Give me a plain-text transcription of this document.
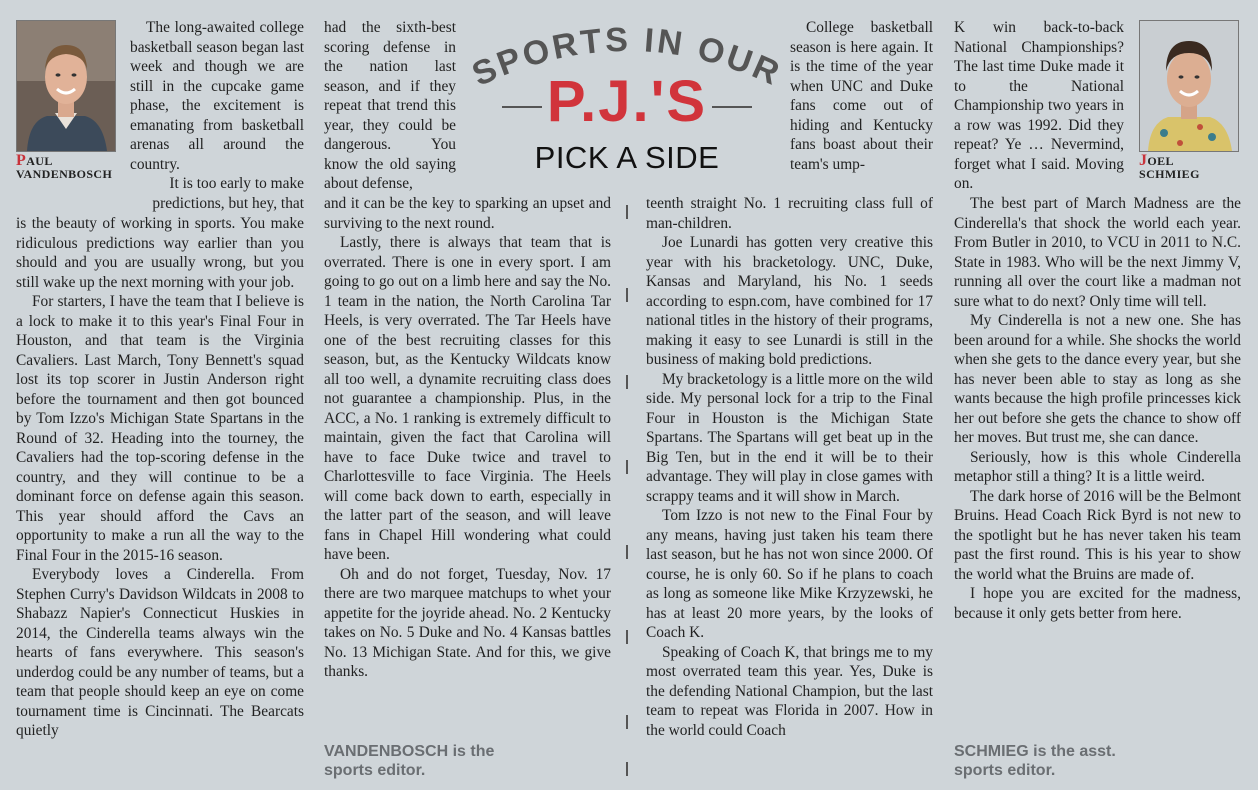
PAUL
VANDENBOSCH

The long-awaited college basketball season began last week and though we are still in the cupcake game phase, the excitement is emanating from basketball arenas all around the country.

It is too early to make predictions, but hey, that

is the beauty of working in sports. You make ridiculous predictions way earlier than you should and you are usually wrong, but you still wake up the next morning with your job.

For starters, I have the team that I believe is a lock to make it to this year's Final Four in Houston, and that team is the Virginia Cavaliers. Last March, Tony Bennett's squad lost its top scorer in Justin Anderson right before the tournament and then got bounced by Tom Izzo's Michigan State Spartans in the Round of 32. Heading into the tourney, the Cavaliers had the top-scoring defense in the country, and they will continue to be a dominant force on defense again this season. This year should afford the Cavs an opportunity to make a run all the way to the Final Four in the 2015-16 season.

Everybody loves a Cinderella. From Stephen Curry's Davidson Wildcats in 2008 to Shabazz Napier's Connecticut Huskies in 2014, the Cinderella teams always win the hearts of fans everywhere. This season's underdog could be any number of teams, but a team that people should keep an eye on come tournament time is Cincinnati. The Bearcats quietly

had the sixth-best scoring defense in the nation last season, and if they repeat that trend this year, they could be dangerous. You know the old saying about defense,

and it can be the key to sparking an upset and surviving to the next round.

Lastly, there is always that team that is overrated. There is one in every sport. I am going to go out on a limb here and say the No. 1 team in the nation, the North Carolina Tar Heels, is very overrated. The Tar Heels have one of the best recruiting classes for this season, but, as the Kentucky Wildcats know all too well, a dynamite recruiting class does not guarantee a championship. Plus, in the ACC, a No. 1 ranking is extremely difficult to maintain, given the fact that Carolina will have to face Duke twice and travel to Charlottesville to face Virginia. The Heels will come back down to earth, especially in the latter part of the season, and will leave fans in Chapel Hill wondering what could have been.

Oh and do not forget, Tuesday, Nov. 17 there are two marquee matchups to whet your appetite for the joyride ahead. No. 2 Kentucky takes on No. 5 Duke and No. 4 Kansas battles No. 13 Michigan State. And for this, we give thanks.

VANDENBOSCH is the sports editor.
SPORTS IN OUR
P.J.'S
PICK A SIDE

College basketball season is here again. It is the time of the year when UNC and Duke fans come out of hiding and Kentucky fans boast about their team's ump-

teenth straight No. 1 recruiting class full of man-children.

Joe Lunardi has gotten very creative this year with his bracketology. UNC, Duke, Kansas and Maryland, his No. 1 seeds according to espn.com, have combined for 17 national titles in the history of their programs, making it easy to see Lunardi is still in the business of making bold predictions.

My bracketology is a little more on the wild side. My personal lock for a trip to the Final Four in Houston is the Michigan State Spartans. The Spartans will get beat up in the Big Ten, but in the end it will be to their advantage. They will play in close games with scrappy teams and it will show in March.

Tom Izzo is not new to the Final Four by any means, having just taken his team there last season, but he has not won since 2000. Of course, he is only 60. So if he plans to coach as long as someone like Mike Krzyzewski, he has at least 20 more years, by the looks of Coach K.

Speaking of Coach K, that brings me to my most overrated team this year. Yes, Duke is the defending National Champion, but the last team to repeat was Florida in 2007. How in the world could Coach

K win back-to-back National Championships? The last time Duke made it to the National Championship two years in a row was 1992. Did they repeat? Ye … Nevermind, forget what I said. Moving on.

The best part of March Madness are the Cinderella's that shock the world each year. From Butler in 2010, to VCU in 2011 to N.C. State in 1983. Who will be the next Jimmy V, running all over the court like a madman not sure what to do next? Only time will tell.

My Cinderella is not a new one. She has been around for a while. She shocks the world when she gets to the dance every year, but she has never been able to stay as long as she wants because the high profile princesses kick her out before she gets the chance to show off her moves. But trust me, she can dance.

Seriously, how is this whole Cinderella metaphor still a thing? It is a little weird.

The dark horse of 2016 will be the Belmont Bruins. Head Coach Rick Byrd is not new to the spotlight but he has never taken his team past the first round. This is his year to show the world what the Bruins are made of.

I hope you are excited for the madness, because it only gets better from here.

JOEL
SCHMIEG
SCHMIEG is the asst. sports editor.
